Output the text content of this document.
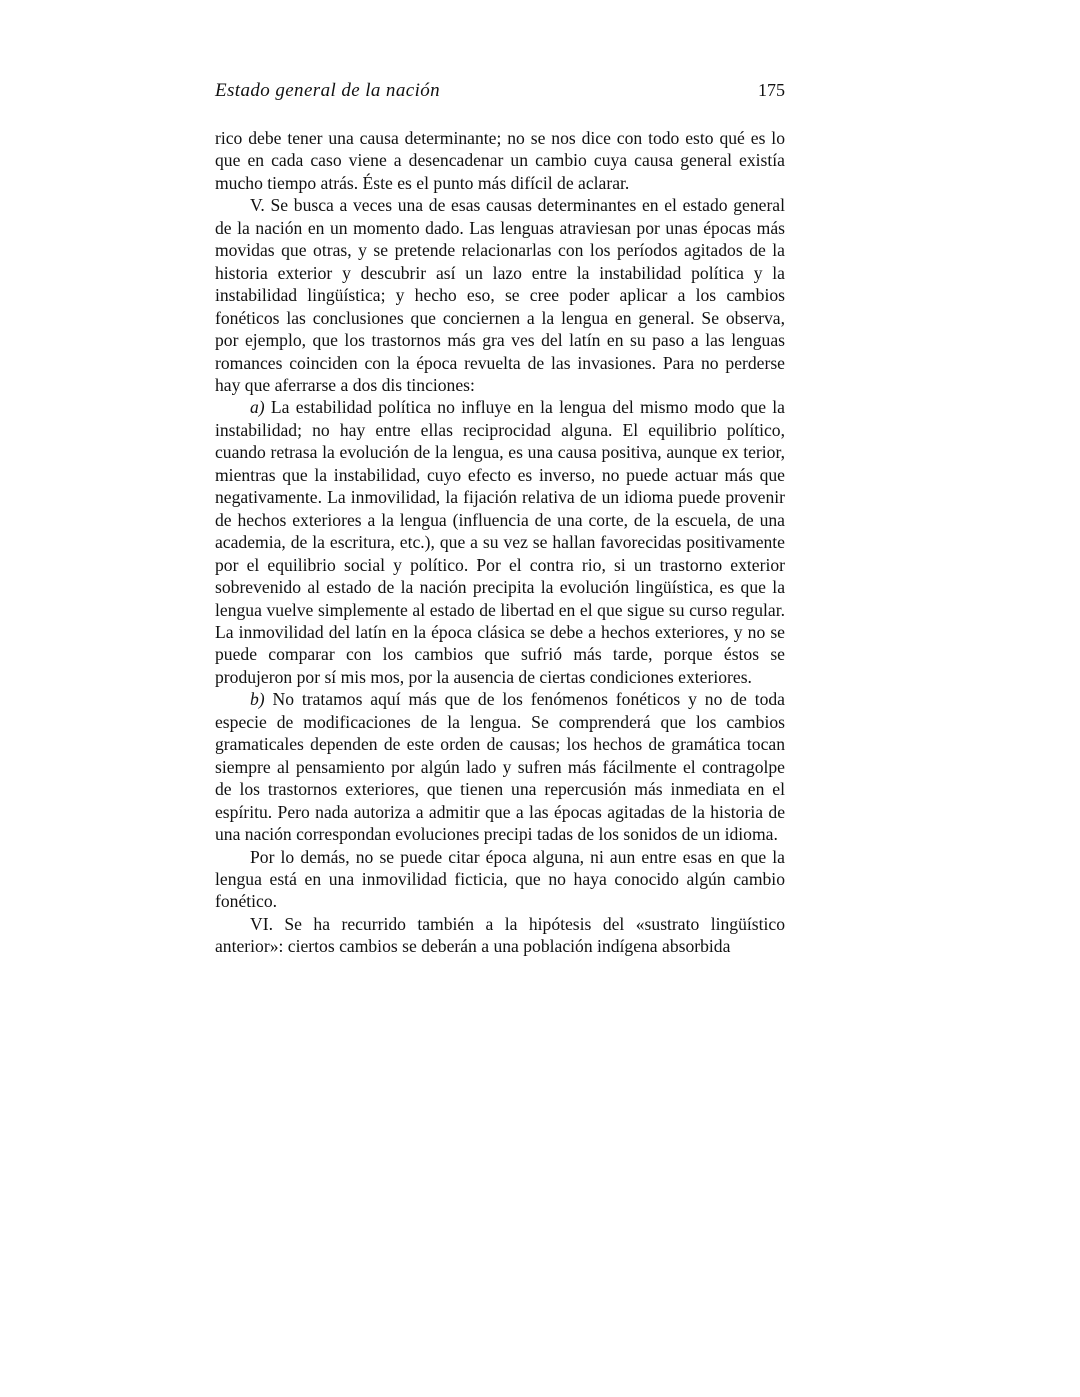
Estado general de la nación	175

rico debe tener una causa determinante; no se nos dice con todo esto qué es lo que en cada caso viene a desencadenar un cambio cuya causa general existía mucho tiempo atrás. Éste es el punto más difícil de aclarar.

V. Se busca a veces una de esas causas determinantes en el estado general de la nación en un momento dado. Las lenguas atraviesan por unas épocas más movidas que otras, y se pretende relacionarlas con los períodos agitados de la historia exterior y descubrir así un lazo entre la instabilidad política y la instabilidad lingüística; y hecho eso, se cree poder aplicar a los cambios fonéticos las conclusiones que conciernen a la lengua en general. Se observa, por ejemplo, que los trastornos más gra ves del latín en su paso a las lenguas romances coinciden con la época revuelta de las invasiones. Para no perderse hay que aferrarse a dos dis tinciones:

a) La estabilidad política no influye en la lengua del mismo modo que la instabilidad; no hay entre ellas reciprocidad alguna. El equilibrio político, cuando retrasa la evolución de la lengua, es una causa positiva, aunque ex terior, mientras que la instabilidad, cuyo efecto es inverso, no puede actuar más que negativamente. La inmovilidad, la fijación relativa de un idioma puede provenir de hechos exteriores a la lengua (influencia de una corte, de la escuela, de una academia, de la escritura, etc.), que a su vez se hallan favorecidas positivamente por el equilibrio social y político. Por el contra rio, si un trastorno exterior sobrevenido al estado de la nación precipita la evolución lingüística, es que la lengua vuelve simplemente al estado de libertad en el que sigue su curso regular. La inmovilidad del latín en la época clásica se debe a hechos exteriores, y no se puede comparar con los cambios que sufrió más tarde, porque éstos se produjeron por sí mis mos, por la ausencia de ciertas condiciones exteriores.

b) No tratamos aquí más que de los fenómenos fonéticos y no de toda especie de modificaciones de la lengua. Se comprenderá que los cambios gramaticales dependen de este orden de causas; los hechos de gramática tocan siempre al pensamiento por algún lado y sufren más fácilmente el contragolpe de los trastornos exteriores, que tienen una repercusión más inmediata en el espíritu. Pero nada autoriza a admitir que a las épocas agitadas de la historia de una nación correspondan evoluciones precipi tadas de los sonidos de un idioma.

Por lo demás, no se puede citar época alguna, ni aun entre esas en que la lengua está en una inmovilidad ficticia, que no haya conocido algún cambio fonético.

VI. Se ha recurrido también a la hipótesis del «sustrato lingüístico anterior»: ciertos cambios se deberán a una población indígena absorbida
